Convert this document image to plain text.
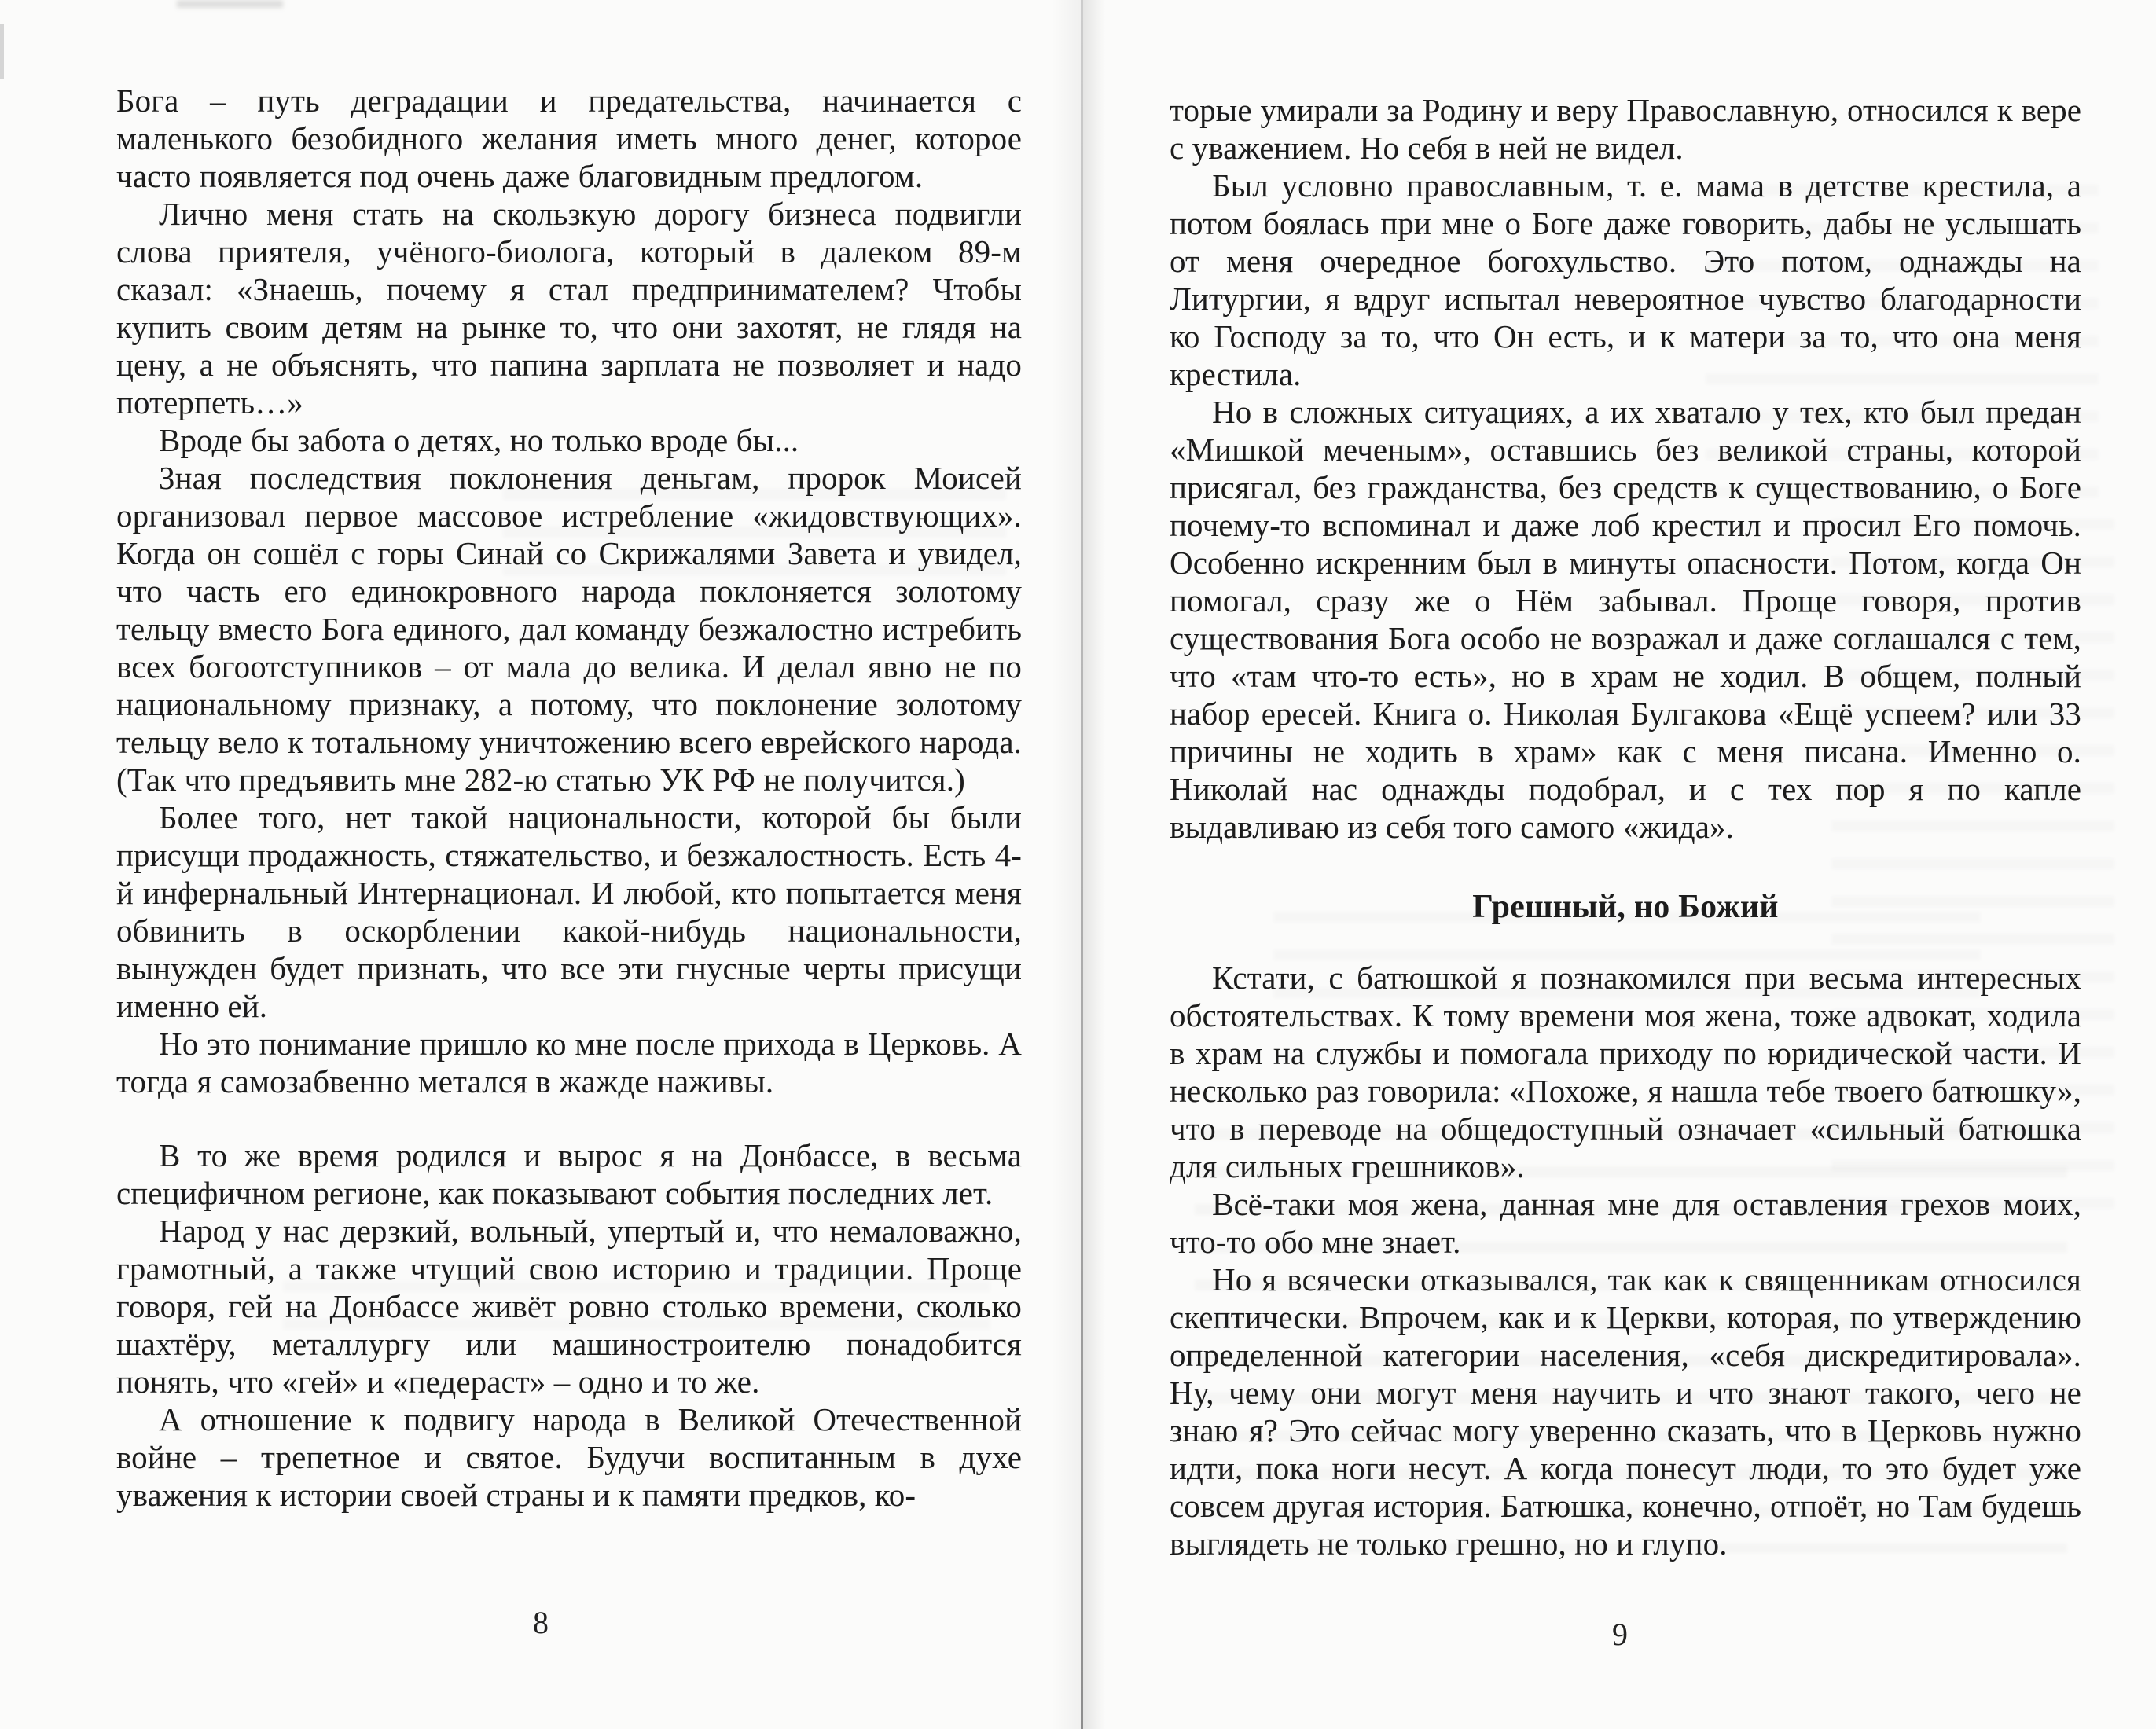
Бога – путь деградации и предательства, начинается с маленького безобидного желания иметь много денег, которое часто появляется под очень даже благовидным предлогом.

Лично меня стать на скользкую дорогу бизнеса подвигли слова приятеля, учёного-биолога, который в далеком 89-м сказал: «Знаешь, почему я стал предпринимателем? Чтобы купить своим детям на рынке то, что они захотят, не глядя на цену, а не объяснять, что папина зарплата не позволяет и надо потерпеть…»

Вроде бы забота о детях, но только вроде бы...

Зная последствия поклонения деньгам, пророк Моисей организовал первое массовое истребление «жидовствующих». Когда он сошёл с горы Синай со Скрижалями Завета и увидел, что часть его единокровного народа поклоняется золотому тельцу вместо Бога единого, дал команду безжалостно истребить всех богоотступников – от мала до велика. И делал явно не по национальному признаку, а потому, что поклонение золотому тельцу вело к тотальному уничтожению всего еврейского народа. (Так что предъявить мне 282-ю статью УК РФ не получится.)

Более того, нет такой национальности, которой бы были присущи продажность, стяжательство, и безжалостность. Есть 4-й инфернальный Интернационал. И любой, кто попытается меня обвинить в оскорблении какой-нибудь национальности, вынужден будет признать, что все эти гнусные черты присущи именно ей.

Но это понимание пришло ко мне после прихода в Церковь. А тогда я самозабвенно метался в жажде наживы.

В то же время родился и вырос я на Донбассе, в весьма специфичном регионе, как показывают события последних лет.

Народ у нас дерзкий, вольный, упертый и, что немаловажно, грамотный, а также чтущий свою историю и традиции. Проще говоря, гей на Донбассе живёт ровно столько времени, сколько шахтёру, металлургу или машиностроителю понадобится понять, что «гей» и «педераст» – одно и то же.

А отношение к подвигу народа в Великой Отечественной войне – трепетное и святое. Будучи воспитанным в духе уважения к истории своей страны и к памяти предков, ко-

8

торые умирали за Родину и веру Православную, относился к вере с уважением. Но себя в ней не видел.

Был условно православным, т. е. мама в детстве крестила, а потом боялась при мне о Боге даже говорить, дабы не услышать от меня очередное богохульство. Это потом, однажды на Литургии, я вдруг испытал невероятное чувство благодарности ко Господу за то, что Он есть, и к матери за то, что она меня крестила.

Но в сложных ситуациях, а их хватало у тех, кто был предан «Мишкой меченым», оставшись без великой страны, которой присягал, без гражданства, без средств к существованию, о Боге почему-то вспоминал и даже лоб крестил и просил Его помочь. Особенно искренним был в минуты опасности. Потом, когда Он помогал, сразу же о Нём забывал. Проще говоря, против существования Бога особо не возражал и даже соглашался с тем, что «там что-то есть», но в храм не ходил. В общем, полный набор ересей. Книга о. Николая Булгакова «Ещё успеем? или 33 причины не ходить в храм» как с меня писана. Именно о. Николай нас однажды подобрал, и с тех пор я по капле выдавливаю из себя того самого «жида».

Грешный, но Божий

Кстати, с батюшкой я познакомился при весьма интересных обстоятельствах. К тому времени моя жена, тоже адвокат, ходила в храм на службы и помогала приходу по юридической части. И несколько раз говорила: «Похоже, я нашла тебе твоего батюшку», что в переводе на общедоступный означает «сильный батюшка для сильных грешников».

Всё-таки моя жена, данная мне для оставления грехов моих, что-то обо мне знает.

Но я всячески отказывался, так как к священникам относился скептически. Впрочем, как и к Церкви, которая, по утверждению определенной категории населения, «себя дискредитировала». Ну, чему они могут меня научить и что знают такого, чего не знаю я? Это сейчас могу уверенно сказать, что в Церковь нужно идти, пока ноги несут. А когда понесут люди, то это будет уже совсем другая история. Батюшка, конечно, отпоёт, но Там будешь выглядеть не только грешно, но и глупо.

9
